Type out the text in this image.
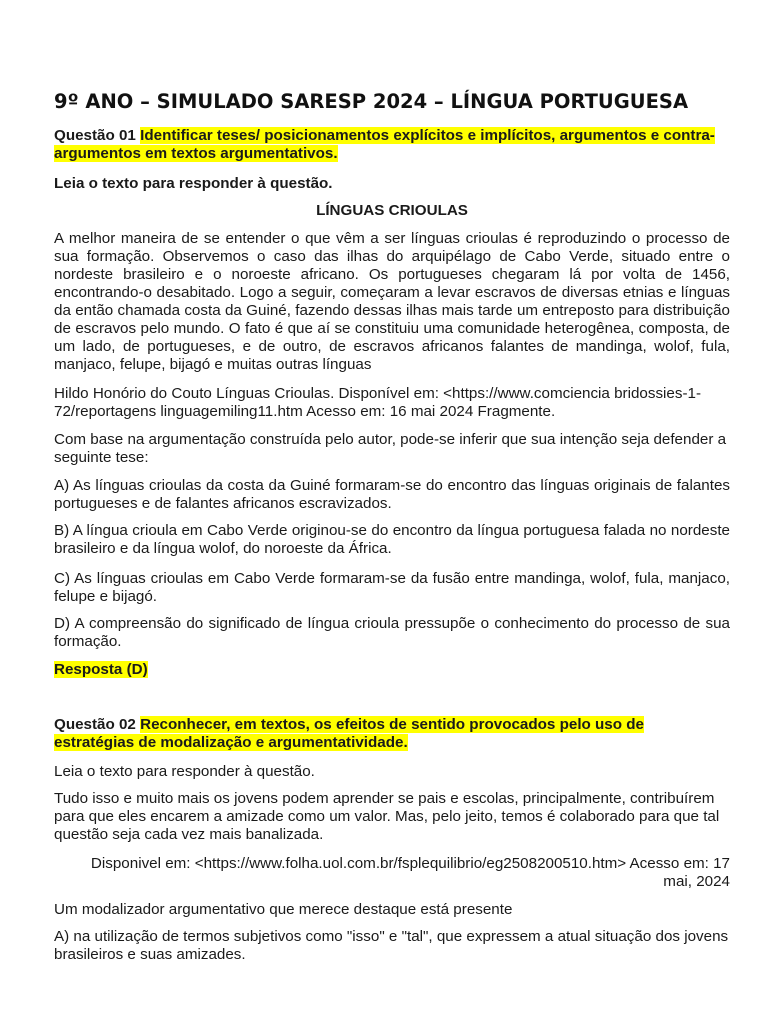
9º ANO – SIMULADO SARESP 2024 – LÍNGUA PORTUGUESA

Questão 01 Identificar teses/ posicionamentos explícitos e implícitos, argumentos e contra-argumentos em textos argumentativos.

Leia o texto para responder à questão.

LÍNGUAS CRIOULAS

A melhor maneira de se entender o que vêm a ser línguas crioulas é reproduzindo o processo de sua formação. Observemos o caso das ilhas do arquipélago de Cabo Verde, situado entre o nordeste brasileiro e o noroeste africano. Os portugueses chegaram lá por volta de 1456, encontrando-o desabitado. Logo a seguir, começaram a levar escravos de diversas etnias e línguas da então chamada costa da Guiné, fazendo dessas ilhas mais tarde um entreposto para distribuição de escravos pelo mundo. O fato é que aí se constituiu uma comunidade heterogênea, composta, de um lado, de portugueses, e de outro, de escravos africanos falantes de mandinga, wolof, fula, manjaco, felupe, bijagó e muitas outras línguas

Hildo Honório do Couto Línguas Crioulas. Disponível em: <https://www.comciencia bridossies-1-72/reportagens linguagemiling11.htm Acesso em: 16 mai 2024 Fragmente.

Com base na argumentação construída pelo autor, pode-se inferir que sua intenção seja defender a seguinte tese:

A) As línguas crioulas da costa da Guiné formaram-se do encontro das línguas originais de falantes portugueses e de falantes africanos escravizados.

B) A língua crioula em Cabo Verde originou-se do encontro da língua portuguesa falada no nordeste brasileiro e da língua wolof, do noroeste da África.

C) As línguas crioulas em Cabo Verde formaram-se da fusão entre mandinga, wolof, fula, manjaco, felupe e bijagó.

D) A compreensão do significado de língua crioula pressupõe o conhecimento do processo de sua formação.

Resposta (D)

Questão 02 Reconhecer, em textos, os efeitos de sentido provocados pelo uso de
estratégias de modalização e argumentatividade.

Leia o texto para responder à questão.

Tudo isso e muito mais os jovens podem aprender se pais e escolas, principalmente, contribuírem para que eles encarem a amizade como um valor. Mas, pelo jeito, temos é colaborado para que tal questão seja cada vez mais banalizada.

Disponivel em: <https://www.folha.uol.com.br/fsplequilibrio/eg2508200510.htm> Acesso em: 17
mai, 2024

Um modalizador argumentativo que merece destaque está presente

A) na utilização de termos subjetivos como "isso" e "tal", que expressem a atual situação dos jovens brasileiros e suas amizades.
